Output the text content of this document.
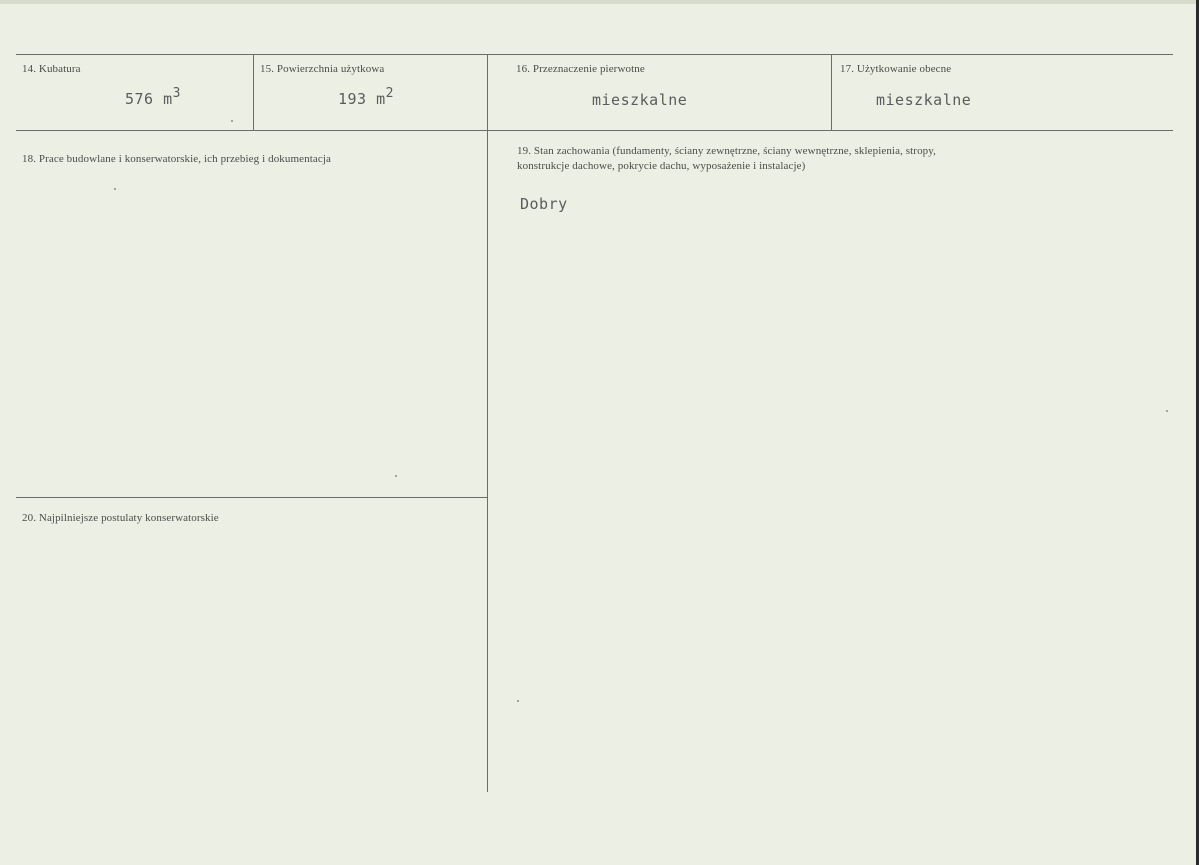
14. Kubatura
576 $m^3$
15. Powierzchnia użytkowa
193 $m^2$
16. Przeznaczenie pierwotne
mieszkalne
17. Użytkowanie obecne
mieszkalne
18. Prace budowlane i konserwatorskie, ich przebieg i dokumentacja
19. Stan zachowania (fundamenty, ściany zewnętrzne, ściany wewnętrzne, sklepienia, stropy,
konstrukcje dachowe, pokrycie dachu, wyposażenie i instalacje)
Dobry
20. Najpilniejsze postulaty konserwatorskie
